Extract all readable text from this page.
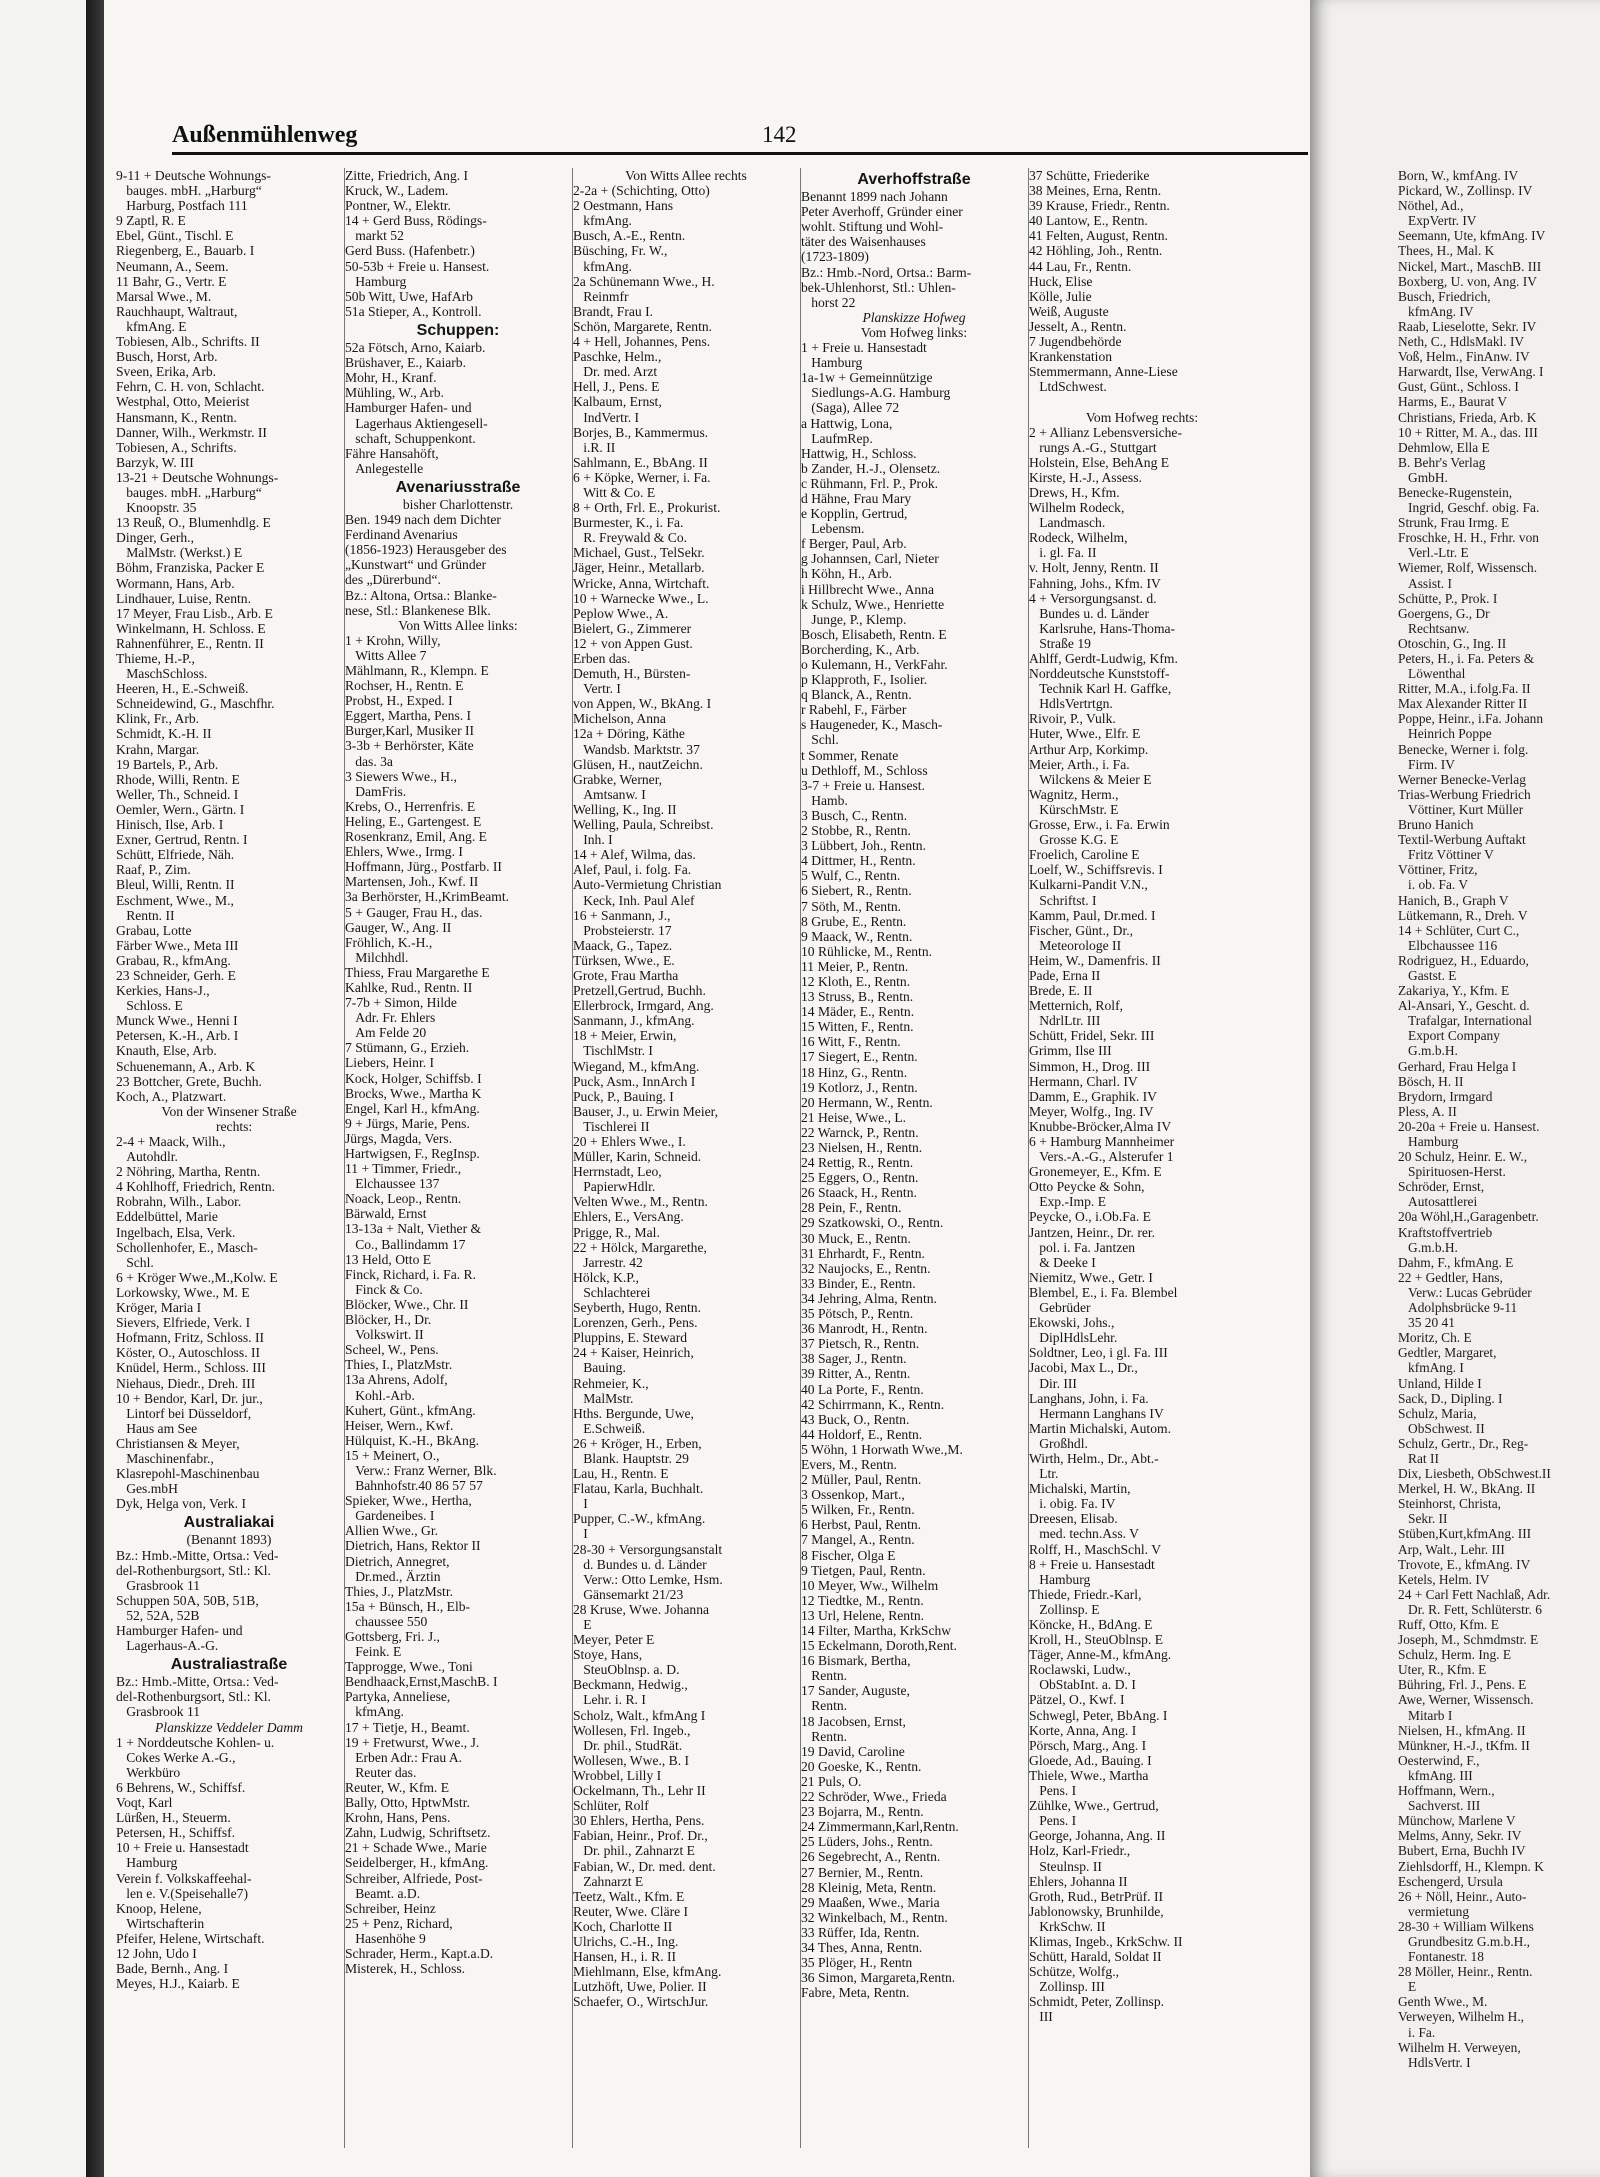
Außenmühlenweg	142
9-11 + Deutsche Wohnungs-
bauges. mbH. „Harburg“
Harburg, Postfach 111
9 Zaptl, R. E
Ebel, Günt., Tischl. E
Riegenberg, E., Bauarb. I
Neumann, A., Seem.
11 Bahr, G., Vertr. E
Marsal Wwe., M.
Rauchhaupt, Waltraut,
kfmAng. E
Tobiesen, Alb., Schrifts. II
Busch, Horst, Arb.
Sveen, Erika, Arb.
Fehrn, C. H. von, Schlacht.
Westphal, Otto, Meierist
Hansmann, K., Rentn.
Danner, Wilh., Werkmstr. II
Tobiesen, A., Schrifts.
Barzyk, W. III
13-21 + Deutsche Wohnungs-
bauges. mbH. „Harburg“
Knoopstr. 35
13 Reuß, O., Blumenhdlg. E
Dinger, Gerh.,
MalMstr. (Werkst.) E
Böhm, Franziska, Packer E
Wormann, Hans, Arb.
Lindhauer, Luise, Rentn.
17 Meyer, Frau Lisb., Arb. E
Winkelmann, H. Schloss. E
Rahnenführer, E., Rentn. II
Thieme, H.-P.,
MaschSchloss.
Heeren, H., E.-Schweiß.
Schneidewind, G., Maschfhr.
Klink, Fr., Arb.
Schmidt, K.-H. II
Krahn, Margar.
19 Bartels, P., Arb.
Rhode, Willi, Rentn. E
Weller, Th., Schneid. I
Oemler, Wern., Gärtn. I
Hinisch, Ilse, Arb. I
Exner, Gertrud, Rentn. I
Schütt, Elfriede, Näh.
Raaf, P., Zim.
Bleul, Willi, Rentn. II
Eschment, Wwe., M.,
Rentn. II
Grabau, Lotte
Färber Wwe., Meta III
Grabau, R., kfmAng.
23 Schneider, Gerh. E
Kerkies, Hans-J.,
Schloss. E
Munck Wwe., Henni I
Petersen, K.-H., Arb. I
Knauth, Else, Arb.
Schuenemann, A., Arb. K
23 Bottcher, Grete, Buchh.
Koch, A., Platzwart.
Von der Winsener Straße
rechts:
2-4 + Maack, Wilh.,
Autohdlr.
2 Nöhring, Martha, Rentn.
4 Kohlhoff, Friedrich, Rentn.
Robrahn, Wilh., Labor.
Eddelbüttel, Marie
Ingelbach, Elsa, Verk.
Schollenhofer, E., Masch-
Schl.
6 + Kröger Wwe.,M.,Kolw. E
Lorkowsky, Wwe., M. E
Kröger, Maria I
Sievers, Elfriede, Verk. I
Hofmann, Fritz, Schloss. II
Köster, O., Autoschloss. II
Knüdel, Herm., Schloss. III
Niehaus, Diedr., Dreh. III
10 + Bendor, Karl, Dr. jur.,
Lintorf bei Düsseldorf,
Haus am See
Christiansen & Meyer,
Maschinenfabr.,
Klasrepohl-Maschinenbau
Ges.mbH
Dyk, Helga von, Verk. I
Australiakai
(Benannt 1893)
Bz.: Hmb.-Mitte, Ortsa.: Ved-
del-Rothenburgsort, Stl.: Kl.
Grasbrook 11
Schuppen 50A, 50B, 51B,
52, 52A, 52B
Hamburger Hafen- und
Lagerhaus-A.-G.
Australiastraße
Bz.: Hmb.-Mitte, Ortsa.: Ved-
del-Rothenburgsort, Stl.: Kl.
Grasbrook 11
Planskizze Veddeler Damm
1 + Norddeutsche Kohlen- u.
Cokes Werke A.-G.,
Werkbüro
6 Behrens, W., Schiffsf.
Voqt, Karl
Lürßen, H., Steuerm.
Petersen, H., Schiffsf.
10 + Freie u. Hansestadt
Hamburg
Verein f. Volkskaffeehal-
len e. V.(Speisehalle7)
Knoop, Helene,
Wirtschafterin
Pfeifer, Helene, Wirtschaft.
12 John, Udo I
Bade, Bernh., Ang. I
Meyes, H.J., Kaiarb. E
Zitte, Friedrich, Ang. I
Kruck, W., Ladem.
Pontner, W., Elektr.
14 + Gerd Buss, Rödings-
markt 52
Gerd Buss. (Hafenbetr.)
50-53b + Freie u. Hansest.
Hamburg
50b Witt, Uwe, HafArb
51a Stieper, A., Kontroll.
Schuppen:
52a Fötsch, Arno, Kaiarb.
Brüshaver, E., Kaiarb.
Mohr, H., Kranf.
Mühling, W., Arb.
Hamburger Hafen- und
Lagerhaus Aktiengesell-
schaft, Schuppenkont.
Fähre Hansahöft,
Anlegestelle
Avenariusstraße
bisher Charlottenstr.
Ben. 1949 nach dem Dichter
Ferdinand Avenarius
(1856-1923) Herausgeber des
„Kunstwart“ und Gründer
des „Dürerbund“.
Bz.: Altona, Ortsa.: Blanke-
nese, Stl.: Blankenese Blk.
Von Witts Allee links:
1 + Krohn, Willy,
Witts Allee 7
Mählmann, R., Klempn. E
Rochser, H., Rentn. E
Probst, H., Exped. I
Eggert, Martha, Pens. I
Burger,Karl, Musiker II
3-3b + Berhörster, Käte
das. 3a
3 Siewers Wwe., H.,
DamFris.
Krebs, O., Herrenfris. E
Heling, E., Gartengest. E
Rosenkranz, Emil, Ang. E
Ehlers, Wwe., Irmg. I
Hoffmann, Jürg., Postfarb. II
Martensen, Joh., Kwf. II
3a Berhörster, H.,KrimBeamt.
5 + Gauger, Frau H., das.
Gauger, W., Ang. II
Fröhlich, K.-H.,
Milchhdl.
Thiess, Frau Margarethe E
Kahlke, Rud., Rentn. II
7-7b + Simon, Hilde
Adr. Fr. Ehlers
Am Felde 20
7 Stümann, G., Erzieh.
Liebers, Heinr. I
Kock, Holger, Schiffsb. I
Brocks, Wwe., Martha K
Engel, Karl H., kfmAng.
9 + Jürgs, Marie, Pens.
Jürgs, Magda, Vers.
Hartwigsen, F., RegInsp.
11 + Timmer, Friedr.,
Elchaussee 137
Noack, Leop., Rentn.
Bärwald, Ernst
13-13a + Nalt, Viether &
Co., Ballindamm 17
13 Held, Otto E
Finck, Richard, i. Fa. R.
Finck & Co.
Blöcker, Wwe., Chr. II
Blöcker, H., Dr.
Volkswirt. II
Scheel, W., Pens.
Thies, I., PlatzMstr.
13a Ahrens, Adolf,
Kohl.-Arb.
Kuhert, Günt., kfmAng.
Heiser, Wern., Kwf.
Hülquist, K.-H., BkAng.
15 + Meinert, O.,
Verw.: Franz Werner, Blk.
Bahnhofstr.40 86 57 57
Spieker, Wwe., Hertha,
Gardeneibes. I
Allien Wwe., Gr.
Dietrich, Hans, Rektor II
Dietrich, Annegret,
Dr.med., Ärztin
Thies, J., PlatzMstr.
15a + Bünsch, H., Elb-
chaussee 550
Gottsberg, Fri. J.,
Feink. E
Tapprogge, Wwe., Toni
Bendhaack,Ernst,MaschB. I
Partyka, Anneliese,
kfmAng.
17 + Tietje, H., Beamt.
19 + Fretwurst, Wwe., J.
Erben Adr.: Frau A.
Reuter das.
Reuter, W., Kfm. E
Bally, Otto, HptwMstr.
Krohn, Hans, Pens.
Zahn, Ludwig, Schriftsetz.
21 + Schade Wwe., Marie
Seidelberger, H., kfmAng.
Schreiber, Alfriede, Post-
Beamt. a.D.
Schreiber, Heinz
25 + Penz, Richard,
Hasenhöhe 9
Schrader, Herm., Kapt.a.D.
Misterek, H., Schloss.
Von Witts Allee rechts
2-2a + (Schichting, Otto)
2 Oestmann, Hans
kfmAng.
Busch, A.-E., Rentn.
Büsching, Fr. W.,
kfmAng.
2a Schünemann Wwe., H.
Reinmfr
Brandt, Frau I.
Schön, Margarete, Rentn.
4 + Hell, Johannes, Pens.
Paschke, Helm.,
Dr. med. Arzt
Hell, J., Pens. E
Kalbaum, Ernst,
IndVertr. I
Borjes, B., Kammermus.
i.R. II
Sahlmann, E., BbAng. II
6 + Köpke, Werner, i. Fa.
Witt & Co. E
8 + Orth, Frl. E., Prokurist.
Burmester, K., i. Fa.
R. Freywald & Co.
Michael, Gust., TelSekr.
Jäger, Heinr., Metallarb.
Wricke, Anna, Wirtchaft.
10 + Warnecke Wwe., L.
Peplow Wwe., A.
Bielert, G., Zimmerer
12 + von Appen Gust.
Erben das.
Demuth, H., Bürsten-
Vertr. I
von Appen, W., BkAng. I
Michelson, Anna
12a + Döring, Käthe
Wandsb. Marktstr. 37
Glüsen, H., nautZeichn.
Grabke, Werner,
Amtsanw. I
Welling, K., Ing. II
Welling, Paula, Schreibst.
Inh. I
14 + Alef, Wilma, das.
Alef, Paul, i. folg. Fa.
Auto-Vermietung Christian
Keck, Inh. Paul Alef
16 + Sanmann, J.,
Probsteierstr. 17
Maack, G., Tapez.
Türksen, Wwe., E.
Grote, Frau Martha
Pretzell,Gertrud, Buchh.
Ellerbrock, Irmgard, Ang.
Sanmann, J., kfmAng.
18 + Meier, Erwin,
TischlMstr. I
Wiegand, M., kfmAng.
Puck, Asm., InnArch I
Puck, P., Bauing. I
Bauser, J., u. Erwin Meier,
Tischlerei II
20 + Ehlers Wwe., I.
Müller, Karin, Schneid.
Herrnstadt, Leo,
PapierwHdlr.
Velten Wwe., M., Rentn.
Ehlers, E., VersAng.
Prigge, R., Mal.
22 + Hölck, Margarethe,
Jarrestr. 42
Hölck, K.P.,
Schlachterei
Seyberth, Hugo, Rentn.
Lorenzen, Gerh., Pens.
Pluppins, E. Steward
24 + Kaiser, Heinrich,
Bauing.
Rehmeier, K.,
MalMstr.
Hths. Bergunde, Uwe,
E.Schweiß.
26 + Kröger, H., Erben,
Blank. Hauptstr. 29
Lau, H., Rentn. E
Flatau, Karla, Buchhalt.
I
Pupper, C.-W., kfmAng.
I
28-30 + Versorgungsanstalt
d. Bundes u. d. Länder
Verw.: Otto Lemke, Hsm.
Gänsemarkt 21/23
28 Kruse, Wwe. Johanna
E
Meyer, Peter E
Stoye, Hans,
SteuOblnsp. a. D.
Beckmann, Hedwig.,
Lehr. i. R. I
Scholz, Walt., kfmAng I
Wollesen, Frl. Ingeb.,
Dr. phil., StudRät.
Wollesen, Wwe., B. I
Wrobbel, Lilly I
Ockelmann, Th., Lehr II
Schlüter, Rolf
30 Ehlers, Hertha, Pens.
Fabian, Heinr., Prof. Dr.,
Dr. phil., Zahnarzt E
Fabian, W., Dr. med. dent.
Zahnarzt E
Teetz, Walt., Kfm. E
Reuter, Wwe. Cläre I
Koch, Charlotte II
Ulrichs, C.-H., Ing.
Hansen, H., i. R. II
Miehlmann, Else, kfmAng.
Lutzhöft, Uwe, Polier. II
Schaefer, O., WirtschJur.
Averhoffstraße
Benannt 1899 nach Johann
Peter Averhoff, Gründer einer
wohlt. Stiftung und Wohl-
täter des Waisenhauses
(1723-1809)
Bz.: Hmb.-Nord, Ortsa.: Barm-
bek-Uhlenhorst, Stl.: Uhlen-
horst 22
Planskizze Hofweg
Vom Hofweg links:
1 + Freie u. Hansestadt
Hamburg
1a-1w + Gemeinnützige
Siedlungs-A.G. Hamburg
(Saga), Allee 72
a Hattwig, Lona,
LaufmRep.
Hattwig, H., Schloss.
b Zander, H.-J., Olensetz.
c Rühmann, Frl. P., Prok.
d Hähne, Frau Mary
e Kopplin, Gertrud,
Lebensm.
f Berger, Paul, Arb.
g Johannsen, Carl, Nieter
h Köhn, H., Arb.
i Hillbrecht Wwe., Anna
k Schulz, Wwe., Henriette
Junge, P., Klemp.
Bosch, Elisabeth, Rentn. E
Borcherding, K., Arb.
o Kulemann, H., VerkFahr.
p Klapproth, F., Isolier.
q Blanck, A., Rentn.
r Rabehl, F., Färber
s Haugeneder, K., Masch-
Schl.
t Sommer, Renate
u Dethloff, M., Schloss
3-7 + Freie u. Hansest.
Hamb.
3 Busch, C., Rentn.
2 Stobbe, R., Rentn.
3 Lübbert, Joh., Rentn.
4 Dittmer, H., Rentn.
5 Wulf, C., Rentn.
6 Siebert, R., Rentn.
7 Söth, M., Rentn.
8 Grube, E., Rentn.
9 Maack, W., Rentn.
10 Rühlicke, M., Rentn.
11 Meier, P., Rentn.
12 Kloth, E., Rentn.
13 Struss, B., Rentn.
14 Mäder, E., Rentn.
15 Witten, F., Rentn.
16 Witt, F., Rentn.
17 Siegert, E., Rentn.
18 Hinz, G., Rentn.
19 Kotlorz, J., Rentn.
20 Hermann, W., Rentn.
21 Heise, Wwe., L.
22 Warnck, P., Rentn.
23 Nielsen, H., Rentn.
24 Rettig, R., Rentn.
25 Eggers, O., Rentn.
26 Staack, H., Rentn.
28 Pein, F., Rentn.
29 Szatkowski, O., Rentn.
30 Muck, E., Rentn.
31 Ehrhardt, F., Rentn.
32 Naujocks, E., Rentn.
33 Binder, E., Rentn.
34 Jehring, Alma, Rentn.
35 Pötsch, P., Rentn.
36 Manrodt, H., Rentn.
37 Pietsch, R., Rentn.
38 Sager, J., Rentn.
39 Ritter, A., Rentn.
40 La Porte, F., Rentn.
42 Schirrmann, K., Rentn.
43 Buck, O., Rentn.
44 Holdorf, E., Rentn.
5 Wöhn, 1 Horwath Wwe.,M.
Evers, M., Rentn.
2 Müller, Paul, Rentn.
3 Ossenkop, Mart.,
5 Wilken, Fr., Rentn.
6 Herbst, Paul, Rentn.
7 Mangel, A., Rentn.
8 Fischer, Olga E
9 Tietgen, Paul, Rentn.
10 Meyer, Ww., Wilhelm
12 Tiedtke, M., Rentn.
13 Url, Helene, Rentn.
14 Filter, Martha, KrkSchw
15 Eckelmann, Doroth,Rent.
16 Bismark, Bertha,
Rentn.
17 Sander, Auguste,
Rentn.
18 Jacobsen, Ernst,
Rentn.
19 David, Caroline
20 Goeske, K., Rentn.
21 Puls, O.
22 Schröder, Wwe., Frieda
23 Bojarra, M., Rentn.
24 Zimmermann,Karl,Rentn.
25 Lüders, Johs., Rentn.
26 Segebrecht, A., Rentn.
27 Bernier, M., Rentn.
28 Kleinig, Meta, Rentn.
29 Maaßen, Wwe., Maria
32 Winkelbach, M., Rentn.
33 Rüffer, Ida, Rentn.
34 Thes, Anna, Rentn.
35 Plöger, H., Rentn
36 Simon, Margareta,Rentn.
Fabre, Meta, Rentn.
37 Schütte, Friederike
38 Meines, Erna, Rentn.
39 Krause, Friedr., Rentn.
40 Lantow, E., Rentn.
41 Felten, August, Rentn.
42 Höhling, Joh., Rentn.
44 Lau, Fr., Rentn.
Huck, Elise
Kölle, Julie
Weiß, Auguste
Jesselt, A., Rentn.
7 Jugendbehörde
Krankenstation
Stemmermann, Anne-Liese
LtdSchwest.

Vom Hofweg rechts:
2 + Allianz Lebensversiche-
rungs A.-G., Stuttgart
Holstein, Else, BehAng E
Kirste, H.-J., Assess.
Drews, H., Kfm.
Wilhelm Rodeck,
Landmasch.
Rodeck, Wilhelm,
i. gl. Fa. II
v. Holt, Jenny, Rentn. II
Fahning, Johs., Kfm. IV
4 + Versorgungsanst. d.
Bundes u. d. Länder
Karlsruhe, Hans-Thoma-
Straße 19
Ahlff, Gerdt-Ludwig, Kfm.
Norddeutsche Kunststoff-
Technik Karl H. Gaffke,
HdlsVertrtgn.
Rivoir, P., Vulk.
Huter, Wwe., Elfr. E
Arthur Arp, Korkimp.
Meier, Arth., i. Fa.
Wilckens & Meier E
Wagnitz, Herm.,
KürschMstr. E
Grosse, Erw., i. Fa. Erwin
Grosse K.G. E
Froelich, Caroline E
Loelf, W., Schiffsrevis. I
Kulkarni-Pandit V.N.,
Schriftst. I
Kamm, Paul, Dr.med. I
Fischer, Günt., Dr.,
Meteorologe II
Heim, W., Damenfris. II
Pade, Erna II
Brede, E. II
Metternich, Rolf,
NdrlLtr. III
Schütt, Fridel, Sekr. III
Grimm, Ilse III
Simmon, H., Drog. III
Hermann, Charl. IV
Damm, E., Graphik. IV
Meyer, Wolfg., Ing. IV
Knubbe-Bröcker,Alma IV
6 + Hamburg Mannheimer
Vers.-A.-G., Alsterufer 1
Gronemeyer, E., Kfm. E
Otto Peycke & Sohn,
Exp.-Imp. E
Peycke, O., i.Ob.Fa. E
Jantzen, Heinr., Dr. rer.
pol. i. Fa. Jantzen
& Deeke I
Niemitz, Wwe., Getr. I
Blembel, E., i. Fa. Blembel
Gebrüder
Ekowski, Johs.,
DiplHdlsLehr.
Soldtner, Leo, i gl. Fa. III
Jacobi, Max L., Dr.,
Dir. III
Langhans, John, i. Fa.
Hermann Langhans IV
Martin Michalski, Autom.
Großhdl.
Wirth, Helm., Dr., Abt.-
Ltr.
Michalski, Martin,
i. obig. Fa. IV
Dreesen, Elisab.
med. techn.Ass. V
Rolff, H., MaschSchl. V
8 + Freie u. Hansestadt
Hamburg
Thiede, Friedr.-Karl,
Zollinsp. E
Köncke, H., BdAng. E
Kroll, H., SteuOblnsp. E
Täger, Anne-M., kfmAng.
Roclawski, Ludw.,
ObStabInt. a. D. I
Pätzel, O., Kwf. I
Schwegl, Peter, BbAng. I
Korte, Anna, Ang. I
Pörsch, Marg., Ang. I
Gloede, Ad., Bauing. I
Thiele, Wwe., Martha
Pens. I
Zühlke, Wwe., Gertrud,
Pens. I
George, Johanna, Ang. II
Holz, Karl-Friedr.,
Steulnsp. II
Ehlers, Johanna II
Groth, Rud., BetrPrüf. II
Jablonowsky, Brunhilde,
KrkSchw. II
Klimas, Ingeb., KrkSchw. II
Schütt, Harald, Soldat II
Schütze, Wolfg.,
Zollinsp. III
Schmidt, Peter, Zollinsp.
III
Born, W., kmfAng. IV
Pickard, W., Zollinsp. IV
Nöthel, Ad.,
ExpVertr. IV
Seemann, Ute, kfmAng. IV
Thees, H., Mal. K
Nickel, Mart., MaschB. III
Boxberg, U. von, Ang. IV
Busch, Friedrich,
kfmAng. IV
Raab, Lieselotte, Sekr. IV
Neth, C., HdlsMakl. IV
Voß, Helm., FinAnw. IV
Harwardt, Ilse, VerwAng. I
Gust, Günt., Schloss. I
Harms, E., Baurat V
Christians, Frieda, Arb. K
10 + Ritter, M. A., das. III
Dehmlow, Ella E
B. Behr's Verlag
GmbH.
Benecke-Rugenstein,
Ingrid, Geschf. obig. Fa.
Strunk, Frau Irmg. E
Froschke, H. H., Frhr. von
Verl.-Ltr. E
Wiemer, Rolf, Wissensch.
Assist. I
Schütte, P., Prok. I
Goergens, G., Dr
Rechtsanw.
Otoschin, G., Ing. II
Peters, H., i. Fa. Peters &
Löwenthal
Ritter, M.A., i.folg.Fa. II
Max Alexander Ritter II
Poppe, Heinr., i.Fa. Johann
Heinrich Poppe
Benecke, Werner i. folg.
Firm. IV
Werner Benecke-Verlag
Trias-Werbung Friedrich
Vöttiner, Kurt Müller
Bruno Hanich
Textil-Werbung Auftakt
Fritz Vöttiner V
Vöttiner, Fritz,
i. ob. Fa. V
Hanich, B., Graph V
Lütkemann, R., Dreh. V
14 + Schlüter, Curt C.,
Elbchaussee 116
Rodriguez, H., Eduardo,
Gastst. E
Zakariya, Y., Kfm. E
Al-Ansari, Y., Gescht. d.
Trafalgar, International
Export Company
G.m.b.H.
Gerhard, Frau Helga I
Bösch, H. II
Brydorn, Irmgard
Pless, A. II
20-20a + Freie u. Hansest.
Hamburg
20 Schulz, Heinr. E. W.,
Spirituosen-Herst.
Schröder, Ernst,
Autosattlerei
20a Wöhl,H.,Garagenbetr.
Kraftstoffvertrieb
G.m.b.H.
Dahm, F., kfmAng. E
22 + Gedtler, Hans,
Verw.: Lucas Gebrüder
Adolphsbrücke 9-11
35 20 41
Moritz, Ch. E
Gedtler, Margaret,
kfmAng. I
Unland, Hilde I
Sack, D., Dipling. I
Schulz, Maria,
ObSchwest. II
Schulz, Gertr., Dr., Reg-
Rat II
Dix, Liesbeth, ObSchwest.II
Merkel, H. W., BkAng. II
Steinhorst, Christa,
Sekr. II
Stüben,Kurt,kfmAng. III
Arp, Walt., Lehr. III
Trovote, E., kfmAng. IV
Ketels, Helm. IV
24 + Carl Fett Nachlaß, Adr.
Dr. R. Fett, Schlüterstr. 6
Ruff, Otto, Kfm. E
Joseph, M., Schmdmstr. E
Schulz, Herm. Ing. E
Uter, R., Kfm. E
Bühring, Frl. J., Pens. E
Awe, Werner, Wissensch.
Mitarb I
Nielsen, H., kfmAng. II
Münkner, H.-J., tKfm. II
Oesterwind, F.,
kfmAng. III
Hoffmann, Wern.,
Sachverst. III
Münchow, Marlene V
Melms, Anny, Sekr. IV
Bubert, Erna, Buchh IV
Ziehlsdorff, H., Klempn. K
Eschengerd, Ursula
26 + Nöll, Heinr., Auto-
vermietung
28-30 + William Wilkens
Grundbesitz G.m.b.H.,
Fontanestr. 18
28 Möller, Heinr., Rentn.
E
Genth Wwe., M.
Verweyen, Wilhelm H.,
i. Fa.
Wilhelm H. Verweyen,
HdlsVertr. I
